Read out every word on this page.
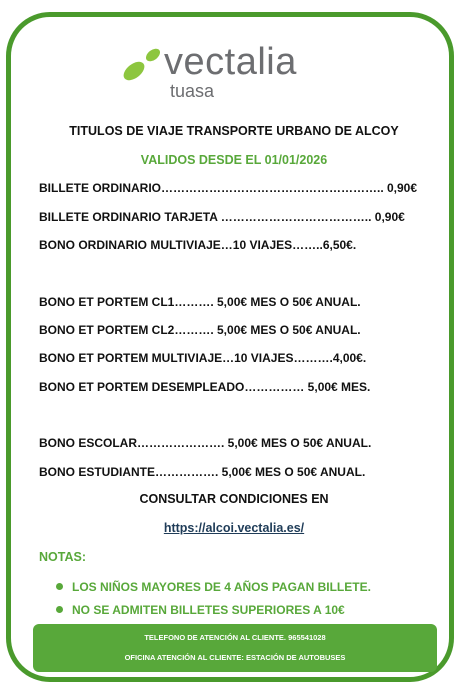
vectalia
tuasa
TITULOS DE VIAJE TRANSPORTE URBANO DE ALCOY
VALIDOS DESDE EL 01/01/2026
BILLETE ORDINARIO……………………………………………….. 0,90€
BILLETE ORDINARIO TARJETA ……………………………….. 0,90€
BONO ORDINARIO MULTIVIAJE…10 VIAJES……..6,50€.
BONO ET PORTEM CL1………. 5,00€ MES O 50€ ANUAL.
BONO ET PORTEM CL2………. 5,00€ MES O 50€ ANUAL.
BONO ET PORTEM MULTIVIAJE…10 VIAJES……….4,00€.
BONO ET PORTEM DESEMPLEADO…………… 5,00€ MES.
BONO ESCOLAR…………………. 5,00€ MES O 50€ ANUAL.
BONO ESTUDIANTE……………. 5,00€ MES O 50€ ANUAL.
CONSULTAR CONDICIONES EN
https://alcoi.vectalia.es/
NOTAS:
LOS NIÑOS MAYORES DE 4 AÑOS PAGAN BILLETE.
NO SE ADMITEN BILLETES SUPERIORES A 10€
TELEFONO DE ATENCIÓN AL CLIENTE. 965541028
OFICINA ATENCIÓN AL CLIENTE: ESTACIÓN DE AUTOBUSES
